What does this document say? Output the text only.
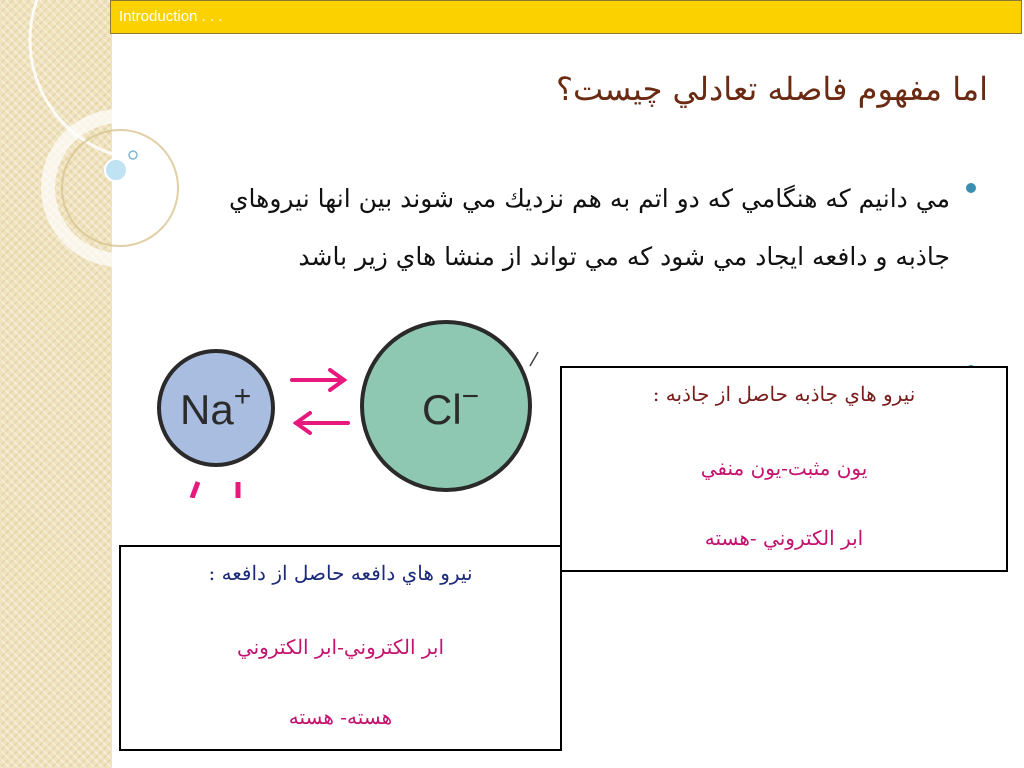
Introduction . . .
اما مفهوم فاصله تعادلي چيست؟
مي دانيم كه هنگامي كه دو اتم به هم نزديك مي شوند بين انها نيروهاي جاذبه و دافعه ايجاد مي شود كه مي تواند از منشا هاي زير باشد
Na+	Cl−	نيرو هاي جاذبه حاصل از جاذبه :
يون مثبت-يون منفي
ابر الكتروني -هسته
نيرو هاي دافعه حاصل از دافعه :
ابر الكتروني-ابر الكتروني
هسته- هسته
